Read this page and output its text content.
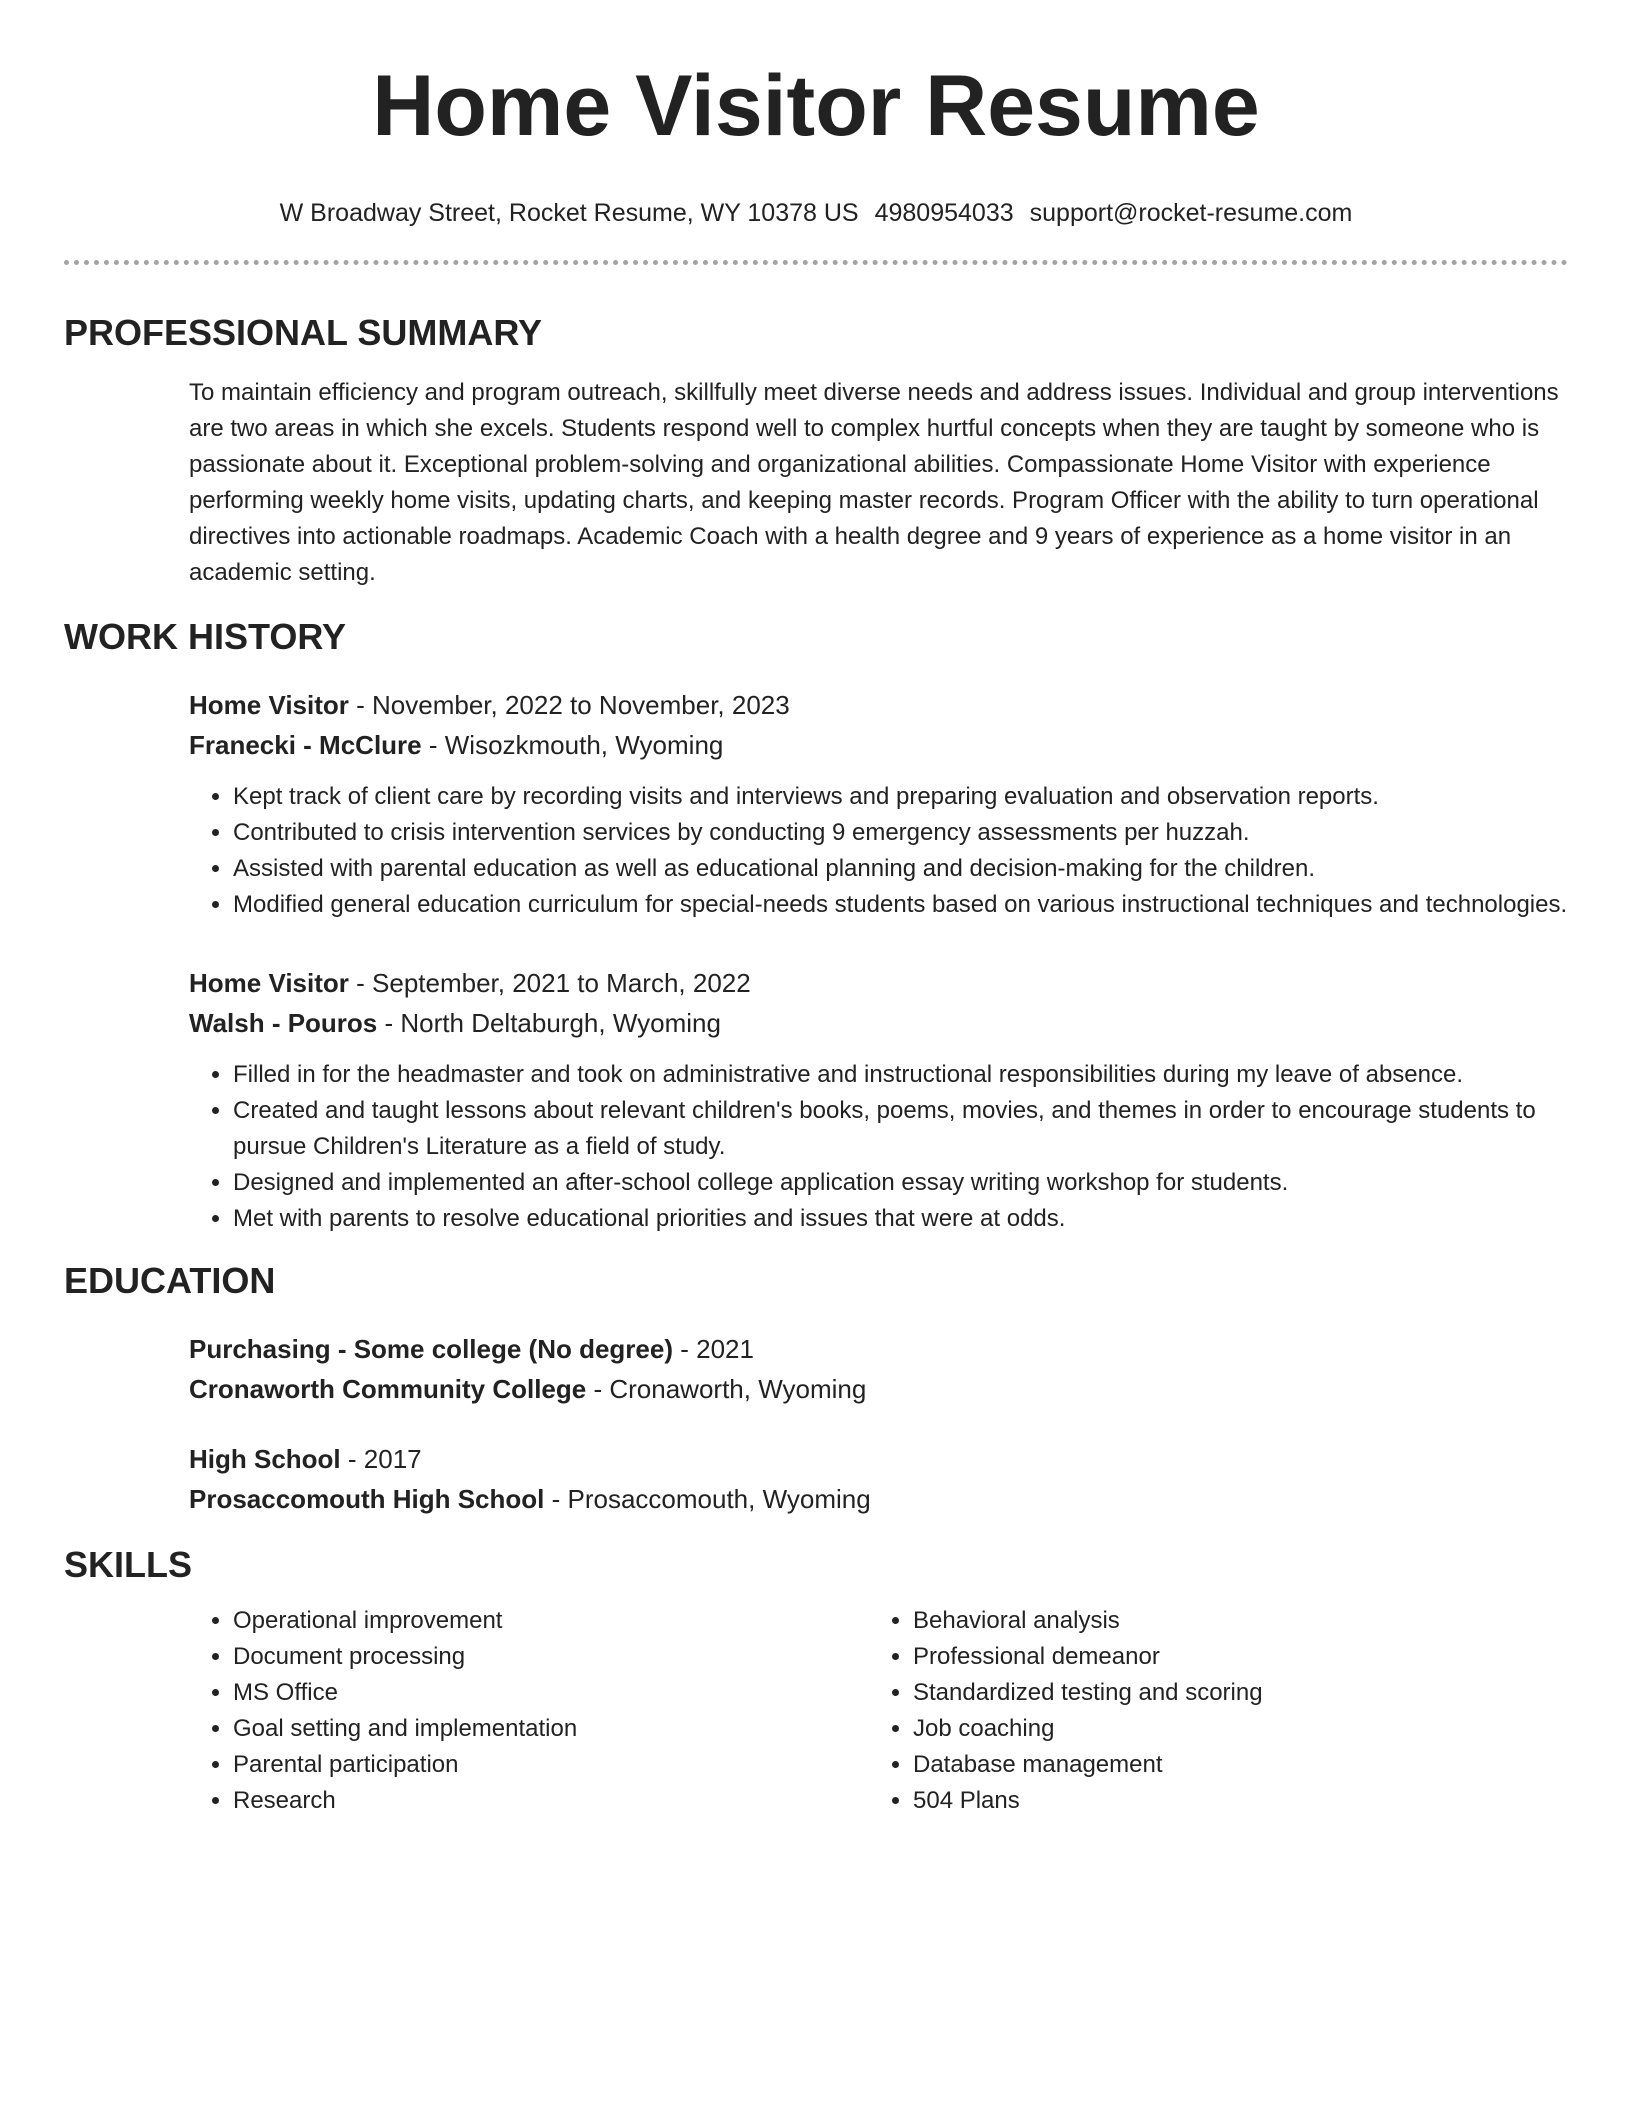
Home Visitor Resume
W Broadway Street, Rocket Resume, WY 10378 US 4980954033 support@rocket-resume.com
PROFESSIONAL SUMMARY
To maintain efficiency and program outreach, skillfully meet diverse needs and address issues. Individual and group interventions are two areas in which she excels. Students respond well to complex hurtful concepts when they are taught by someone who is passionate about it. Exceptional problem-solving and organizational abilities. Compassionate Home Visitor with experience performing weekly home visits, updating charts, and keeping master records. Program Officer with the ability to turn operational directives into actionable roadmaps. Academic Coach with a health degree and 9 years of experience as a home visitor in an academic setting.
WORK HISTORY
Home Visitor - November, 2022 to November, 2023
Franecki - McClure - Wisozkmouth, Wyoming
• Kept track of client care by recording visits and interviews and preparing evaluation and observation reports.
• Contributed to crisis intervention services by conducting 9 emergency assessments per huzzah.
• Assisted with parental education as well as educational planning and decision-making for the children.
• Modified general education curriculum for special-needs students based on various instructional techniques and technologies.
Home Visitor - September, 2021 to March, 2022
Walsh - Pouros - North Deltaburgh, Wyoming
• Filled in for the headmaster and took on administrative and instructional responsibilities during my leave of absence.
• Created and taught lessons about relevant children's books, poems, movies, and themes in order to encourage students to pursue Children's Literature as a field of study.
• Designed and implemented an after-school college application essay writing workshop for students.
• Met with parents to resolve educational priorities and issues that were at odds.
EDUCATION
Purchasing - Some college (No degree) - 2021
Cronaworth Community College - Cronaworth, Wyoming
High School - 2017
Prosaccomouth High School - Prosaccomouth, Wyoming
SKILLS
• Operational improvement
• Document processing
• MS Office
• Goal setting and implementation
• Parental participation
• Research
• Behavioral analysis
• Professional demeanor
• Standardized testing and scoring
• Job coaching
• Database management
• 504 Plans
